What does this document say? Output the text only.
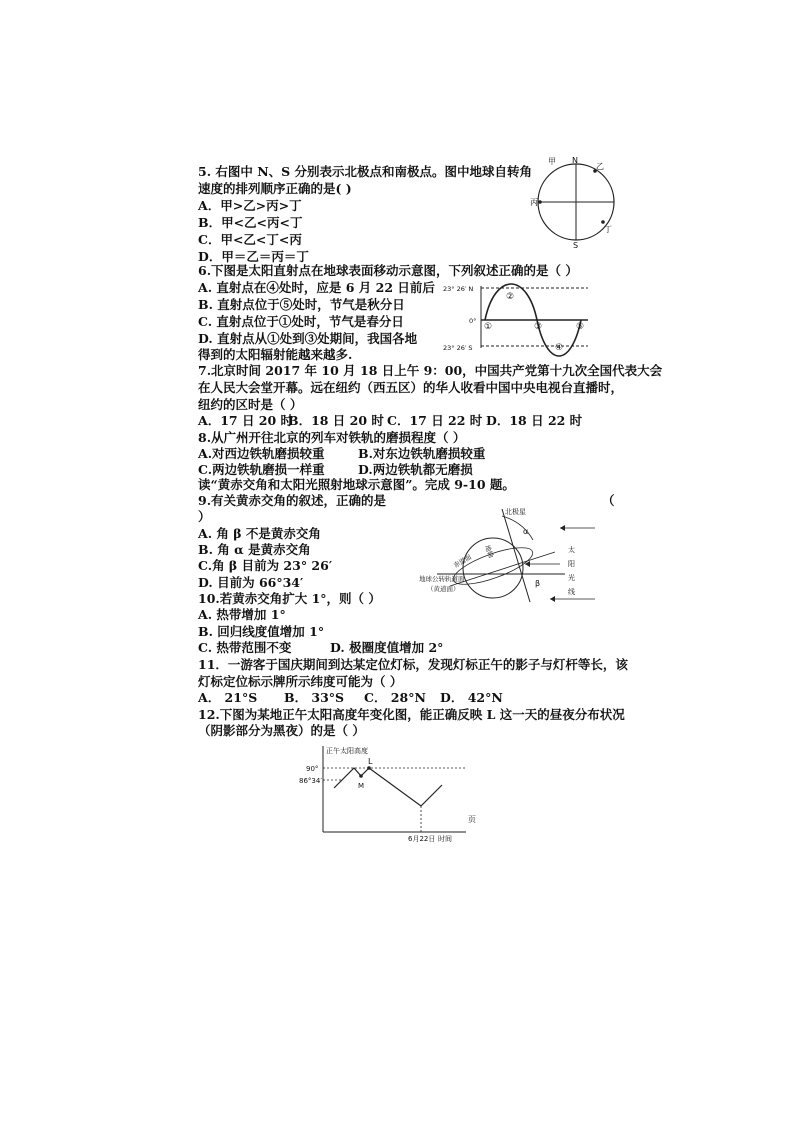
5. 右图中 N、S 分别表示北极点和南极点。图中地球自转角
速度的排列顺序正确的是( )
A．甲>乙>丙>丁
B．甲<乙<丙<丁
C．甲<乙<丁<丙
D．甲＝乙＝丙＝丁
N
甲
乙
丙
丁
S
6.下图是太阳直射点在地球表面移动示意图，下列叙述正确的是（ ）
A. 直射点在④处时，应是 6 月 22 日前后
B. 直射点位于⑤处时，节气是秋分日
C. 直射点位于①处时，节气是春分日
D. 直射点从①处到③处期间，我国各地
得到的太阳辐射能越来越多.
23° 26′ N
0°
23° 26′ S
①
②
③
④
⑤
7.北京时间 2017 年 10 月 18 日上午 9：00，中国共产党第十九次全国代表大会
在人民大会堂开幕。远在纽约（西五区）的华人收看中国中央电视台直播时，
纽约的区时是（ ）
A．17 日 20 时
B．18 日 20 时 C．17 日 22 时 D．18 日 22 时
8.从广州开往北京的列车对铁轨的磨损程度（ ）
A.对西边铁轨磨损较重	B.对东边铁轨磨损较重
C.两边铁轨磨损一样重	D.两边铁轨都无磨损
读“黄赤交角和太阳光照射地球示意图”。完成 9-10 题。
9.有关黄赤交角的叙述，正确的是	（
）
A. 角 β 不是黄赤交角
B. 角 α 是黄赤交角
C.角 β 目前为 23° 26′
D. 目前为 66°34′
北极星
α
地轴
赤道面
地球公转轨道面
（黄道面）
β
太
阳
光
线
10.若黄赤交角扩大 1°，则（ ）
A. 热带增加 1°
B. 回归线度值增加 1°
C. 热带范围不变	D. 极圈度值增加 2°
11．一游客于国庆期间到达某定位灯标，发现灯标正午的影子与灯杆等长，该
灯标定位标示牌所示纬度可能为（ ）
A． 21°S B． 33°S C． 28°N D． 42°N
12.下图为某地正午太阳高度年变化图，能正确反映 L 这一天的昼夜分布状况
（阴影部分为黑夜）的是（ ）
正午太阳高度
90°
86°34′
L
M
6月22日 时间
页
